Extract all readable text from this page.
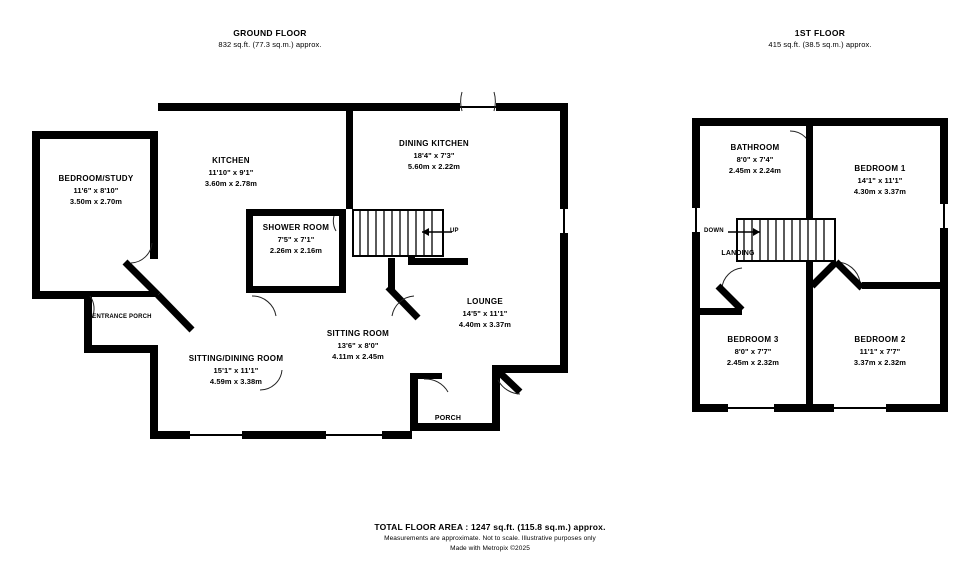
GROUND FLOOR
832 sq.ft. (77.3 sq.m.) approx.
1ST FLOOR
415 sq.ft. (38.5 sq.m.) approx.
UP
KITCHEN
11'10" x 9'1"
3.60m x 2.78m
DINING KITCHEN
18'4" x 7'3"
5.60m x 2.22m
BEDROOM/STUDY
11'6" x 8'10"
3.50m x 2.70m
SHOWER ROOM
7'5" x 7'1"
2.26m x 2.16m
LOUNGE
14'5" x 11'1"
4.40m x 3.37m
SITTING ROOM
13'6" x 8'0"
4.11m x 2.45m
SITTING/DINING ROOM
15'1" x 11'1"
4.59m x 3.38m
ENTRANCE PORCH
PORCH
DOWN
BATHROOM
8'0" x 7'4"
2.45m x 2.24m	BEDROOM 1
14'1" x 11'1"
4.30m x 3.37m
BEDROOM 3
8'0" x 7'7"
2.45m x 2.32m
BEDROOM 2
11'1" x 7'7"
3.37m x 2.32m
LANDING
TOTAL FLOOR AREA : 1247 sq.ft. (115.8 sq.m.) approx.
Measurements are approximate. Not to scale. Illustrative purposes only
Made with Metropix ©2025
